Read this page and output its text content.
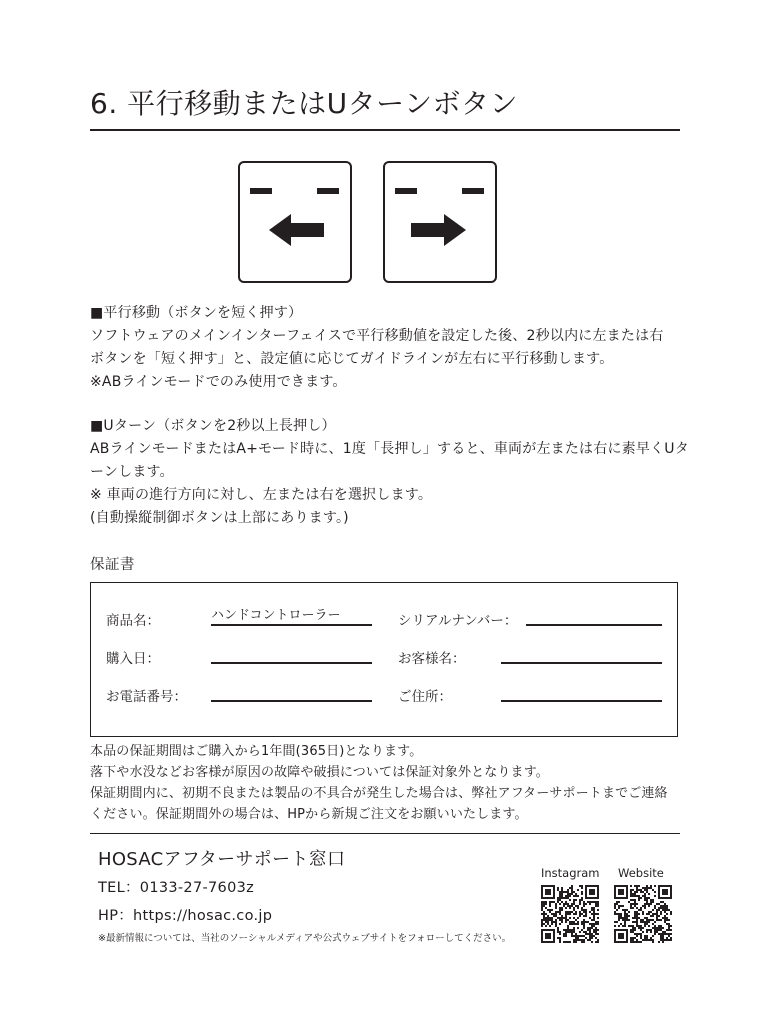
6. 平行移動またはUターンボタン
■平行移動（ボタンを短く押す）
ソフトウェアのメインインターフェイスで平行移動値を設定した後、2秒以内に左または右
ボタンを「短く押す」と、設定値に応じてガイドラインが左右に平行移動します。
※ABラインモードでのみ使用できます。
■Uターン（ボタンを2秒以上長押し）
ABラインモードまたはA+モード時に、1度「長押し」すると、車両が左または右に素早くUタ
ーンします。
※ 車両の進行方向に対し、左または右を選択します。
(自動操縦制御ボタンは上部にあります。)
保証書
商品名：	ハンドコントローラー	シリアルナンバー：
購入日：	お客様名：
お電話番号：	ご住所：
本品の保証期間はご購入から1年間(365日)となります。
落下や水没などお客様が原因の故障や破損については保証対象外となります。
保証期間内に、初期不良または製品の不具合が発生した場合は、弊社アフターサポートまでご連絡
ください。保証期間外の場合は、HPから新規ご注文をお願いいたします。
HOSACアフターサポート窓口
TEL：0133-27-7603z
HP：https://hosac.co.jp
※最新情報については、当社のソーシャルメディアや公式ウェブサイトをフォローしてください。
Instagram Website
